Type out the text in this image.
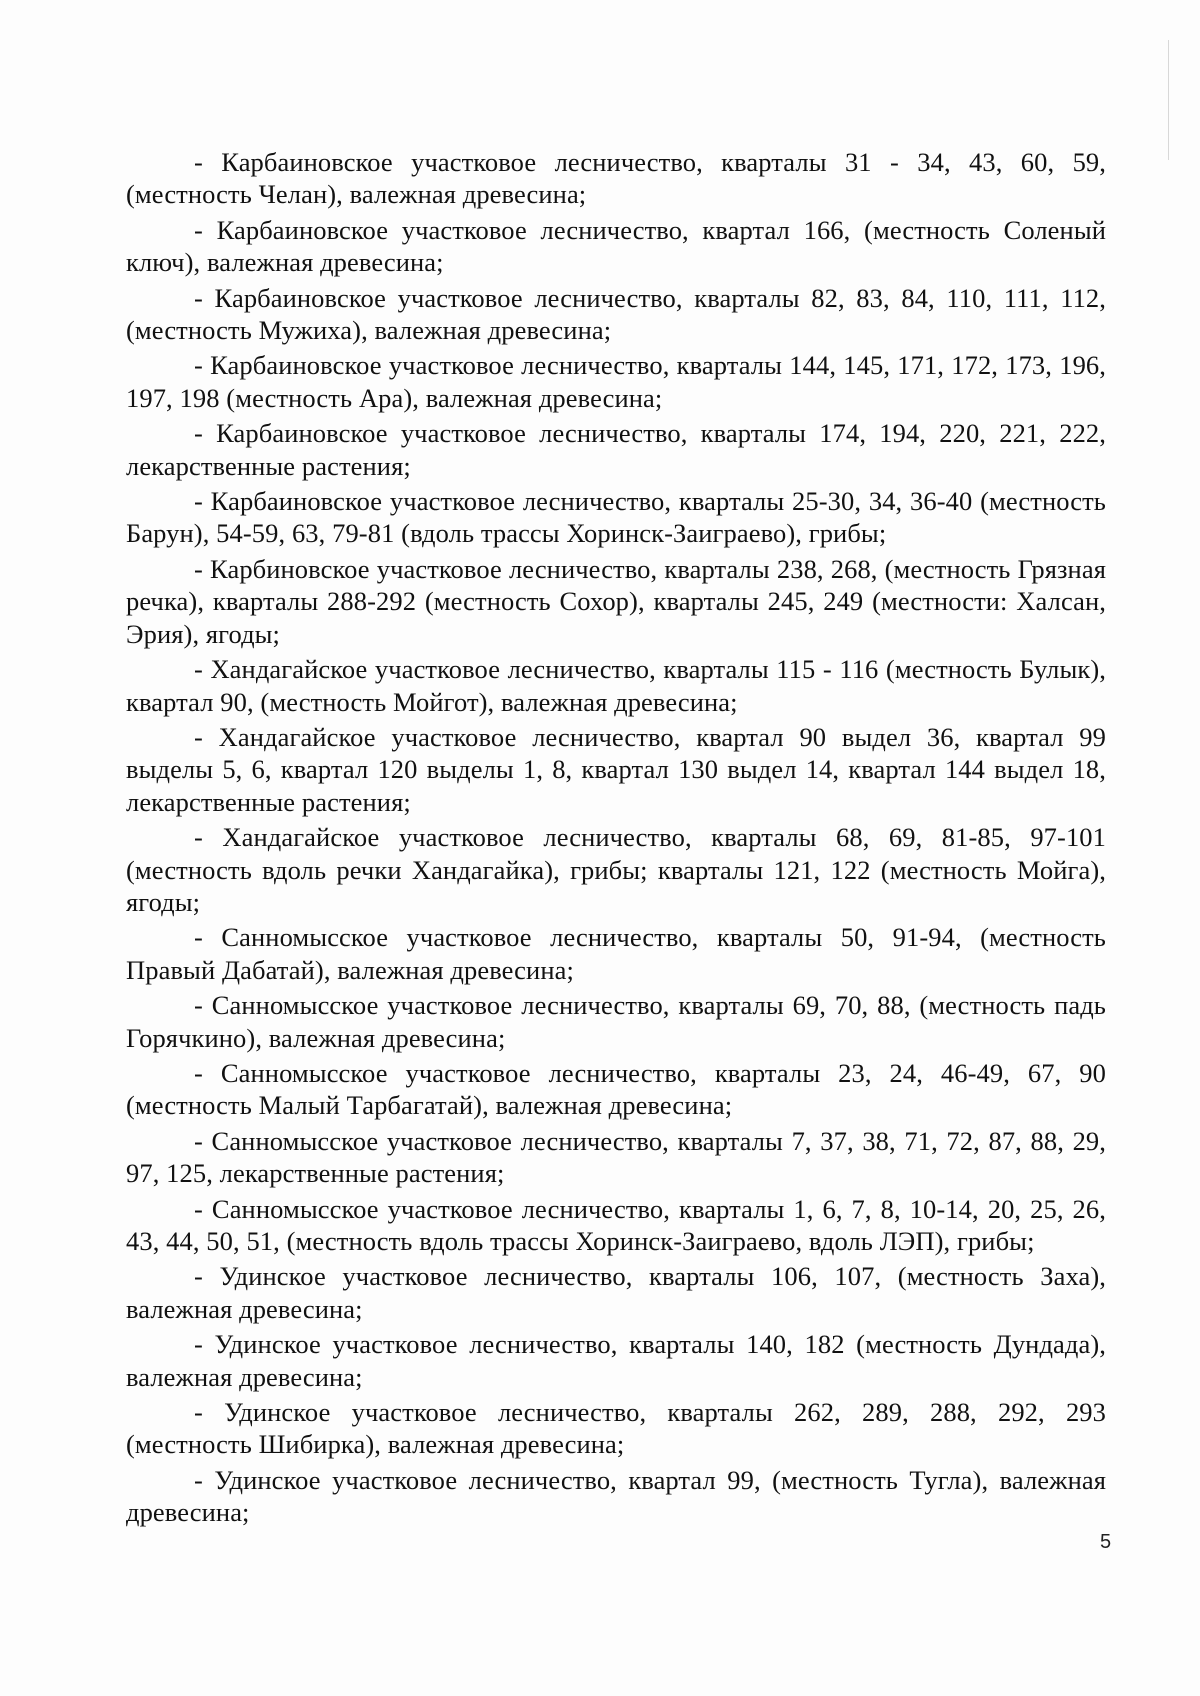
- Карбаиновское участковое лесничество, кварталы 31 - 34, 43, 60, 59, (местность Челан), валежная древесина;

- Карбаиновское участковое лесничество, квартал 166, (местность Соленый ключ), валежная древесина;

- Карбаиновское участковое лесничество, кварталы 82, 83, 84, 110, 111, 112, (местность Мужиха), валежная древесина;

- Карбаиновское участковое лесничество, кварталы 144, 145, 171, 172, 173, 196, 197, 198 (местность Ара), валежная древесина;

- Карбаиновское участковое лесничество, кварталы 174, 194, 220, 221, 222, лекарственные растения;

- Карбаиновское участковое лесничество, кварталы 25-30, 34, 36-40 (местность Барун), 54-59, 63, 79-81 (вдоль трассы Хоринск-Заиграево), грибы;

- Карбиновское участковое лесничество, кварталы 238, 268, (местность Грязная речка), кварталы 288-292 (местность Сохор), кварталы 245, 249 (местности: Халсан, Эрия), ягоды;

- Хандагайское участковое лесничество, кварталы 115 - 116 (местность Булык), квартал 90, (местность Мойгот), валежная древесина;

- Хандагайское участковое лесничество, квартал 90 выдел 36, квартал 99 выделы 5, 6, квартал 120 выделы 1, 8, квартал 130 выдел 14, квартал 144 выдел 18, лекарственные растения;

- Хандагайское участковое лесничество, кварталы 68, 69, 81-85, 97-101 (местность вдоль речки Хандагайка), грибы; кварталы 121, 122 (местность Мойга), ягоды;

- Санномысское участковое лесничество, кварталы 50, 91-94, (местность Правый Дабатай), валежная древесина;

- Санномысское участковое лесничество, кварталы 69, 70, 88, (местность падь Горячкино), валежная древесина;

- Санномысское участковое лесничество, кварталы 23, 24, 46-49, 67, 90 (местность Малый Тарбагатай), валежная древесина;

- Санномысское участковое лесничество, кварталы 7, 37, 38, 71, 72, 87, 88, 29, 97, 125, лекарственные растения;

- Санномысское участковое лесничество, кварталы 1, 6, 7, 8, 10-14, 20, 25, 26, 43, 44, 50, 51, (местность вдоль трассы Хоринск-Заиграево, вдоль ЛЭП), грибы;

- Удинское участковое лесничество, кварталы 106, 107, (местность Заха), валежная древесина;

- Удинское участковое лесничество, кварталы 140, 182 (местность Дундада), валежная древесина;

- Удинское участковое лесничество, кварталы 262, 289, 288, 292, 293 (местность Шибирка), валежная древесина;

- Удинское участковое лесничество, квартал 99, (местность Тугла), валежная древесина;

5
